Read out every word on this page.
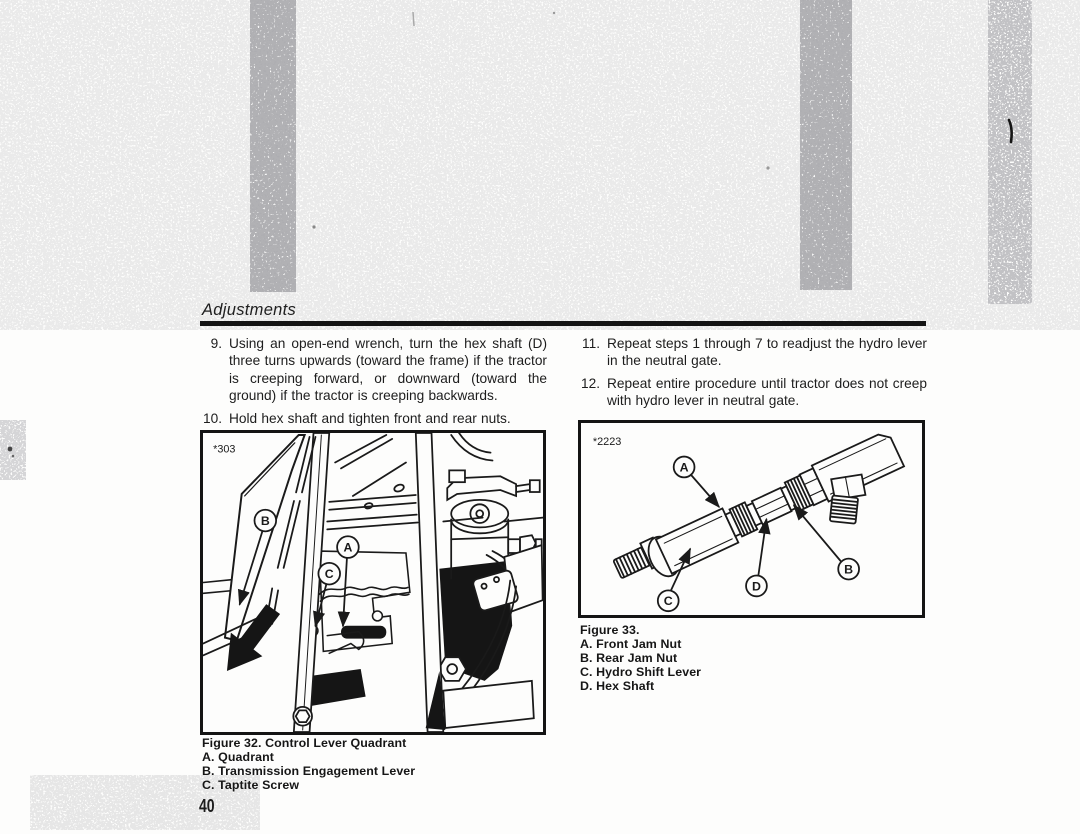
Adjustments
9. Using an open-end wrench, turn the hex shaft (D) three turns upwards (toward the frame) if the tractor is creeping forward, or downward (toward the ground) if the tractor is creeping backwards.
10. Hold hex shaft and tighten front and rear nuts.
11. Repeat steps 1 through 7 to readjust the hydro lever in the neutral gate.
12. Repeat entire procedure until tractor does not creep with hydro lever in neutral gate.
*303
B
A
C
Figure 32. Control Lever Quadrant
A. Quadrant
B. Transmission Engagement Lever
C. Taptite Screw
*2223
A
B
C
D
Figure 33.
A. Front Jam Nut
B. Rear Jam Nut
C. Hydro Shift Lever
D. Hex Shaft
40
